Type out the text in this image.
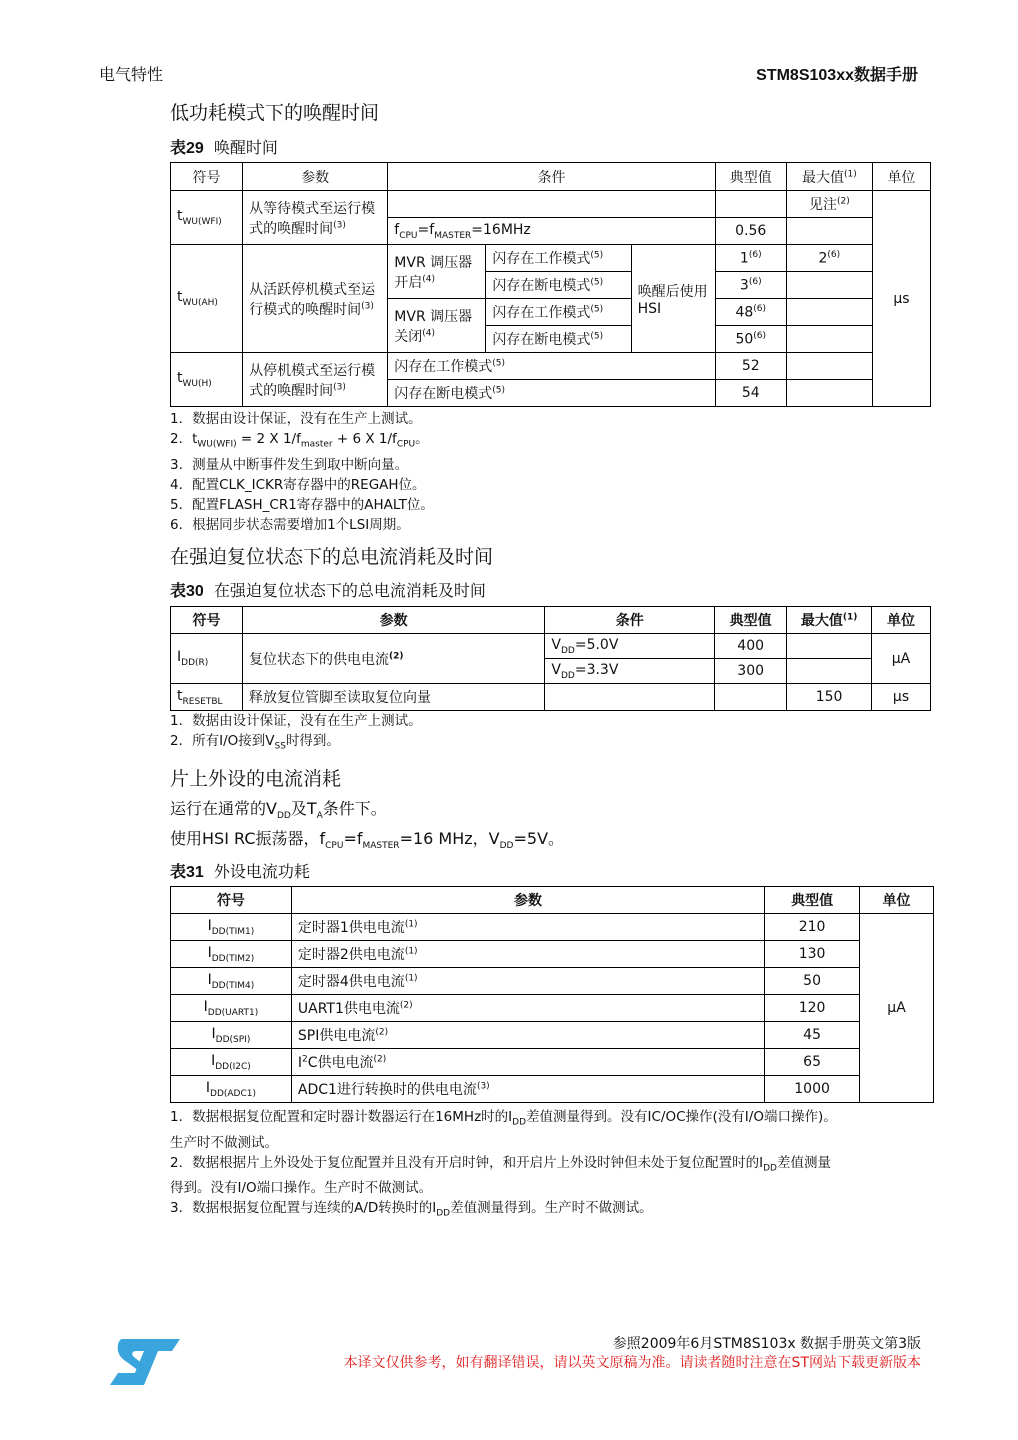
电气特性	STM8S103xx数据手册
低功耗模式下的唤醒时间
表29 唤醒时间
符号	参数	条件			典型值	最大值$^{(1)}$	单位
$t_{WU(WFI)}$	从等待模式至运行模式的唤醒时间$^{(3)}$					见注$^{(2)}$	μs
		$f_{CPU}=f_{MASTER}=16MHz$			0.56		
$t_{WU(AH)}$	从活跃停机模式至运行模式的唤醒时间$^{(3)}$	MVR 调压器开启$^{(4)}$	闪存在工作模式$^{(5)}$	唤醒后使用HSI	1$^{(6)}$	2$^{(6)}$
			闪存在断电模式$^{(5)}$		3$^{(6)}$	
		MVR 调压器关闭$^{(4)}$	闪存在工作模式$^{(5)}$		48$^{(6)}$	
			闪存在断电模式$^{(5)}$		50$^{(6)}$	
$t_{WU(H)}$	从停机模式至运行模式的唤醒时间$^{(3)}$	闪存在工作模式$^{(5)}$			52		
		闪存在断电模式$^{(5)}$			54		
1．数据由设计保证，没有在生产上测试。
2．$t_{WU(WFI)} = 2$ X $1/f_{master} + 6$ X $1/f_{CPU}$。
3．测量从中断事件发生到取中断向量。
4．配置CLK_ICKR寄存器中的REGAH位。
5．配置FLASH_CR1寄存器中的AHALT位。
6．根据同步状态需要增加1个LSI周期。
在强迫复位状态下的总电流消耗及时间
表30 在强迫复位状态下的总电流消耗及时间
符号	参数	条件	典型值	最大值$^{(1)}$	单位
$I_{DD(R)}$	复位状态下的供电电流$^{(2)}$	$V_{DD}=5.0V$	400		μA
		$V_{DD}=3.3V$	300		
$t_{RESETBL}$	释放复位管脚至读取复位向量			150	μs
1．数据由设计保证，没有在生产上测试。
2．所有I/O接到$V_{SS}$时得到。
片上外设的电流消耗
运行在通常的$V_{DD}$及$T_A$条件下。
使用HSI RC振荡器，$f_{CPU}=f_{MASTER}=16$ MHz，$V_{DD}=5V$。
表31 外设电流功耗
符号	参数	典型值	单位
$I_{DD(TIM1)}$	定时器1供电电流$^{(1)}$	210	μA
$I_{DD(TIM2)}$	定时器2供电电流$^{(1)}$	130	
$I_{DD(TIM4)}$	定时器4供电电流$^{(1)}$	50	
$I_{DD(UART1)}$	UART1供电电流$^{(2)}$	120	
$I_{DD(SPI)}$	SPI供电电流$^{(2)}$	45	
$I_{DD(I2C)}$	$I^2C$供电电流$^{(2)}$	65	
$I_{DD(ADC1)}$	ADC1进行转换时的供电电流$^{(3)}$	1000	
1．数据根据复位配置和定时器计数器运行在16MHz时的$I_{DD}$差值测量得到。没有IC/OC操作(没有I/O端口操作)。
生产时不做测试。
2．数据根据片上外设处于复位配置并且没有开启时钟，和开启片上外设时钟但未处于复位配置时的$I_{DD}$差值测量
得到。没有I/O端口操作。生产时不做测试。
3．数据根据复位配置与连续的A/D转换时的$I_{DD}$差值测量得到。生产时不做测试。
参照2009年6月STM8S103x 数据手册英文第3版
本译文仅供参考，如有翻译错误，请以英文原稿为准。请读者随时注意在ST网站下载更新版本
